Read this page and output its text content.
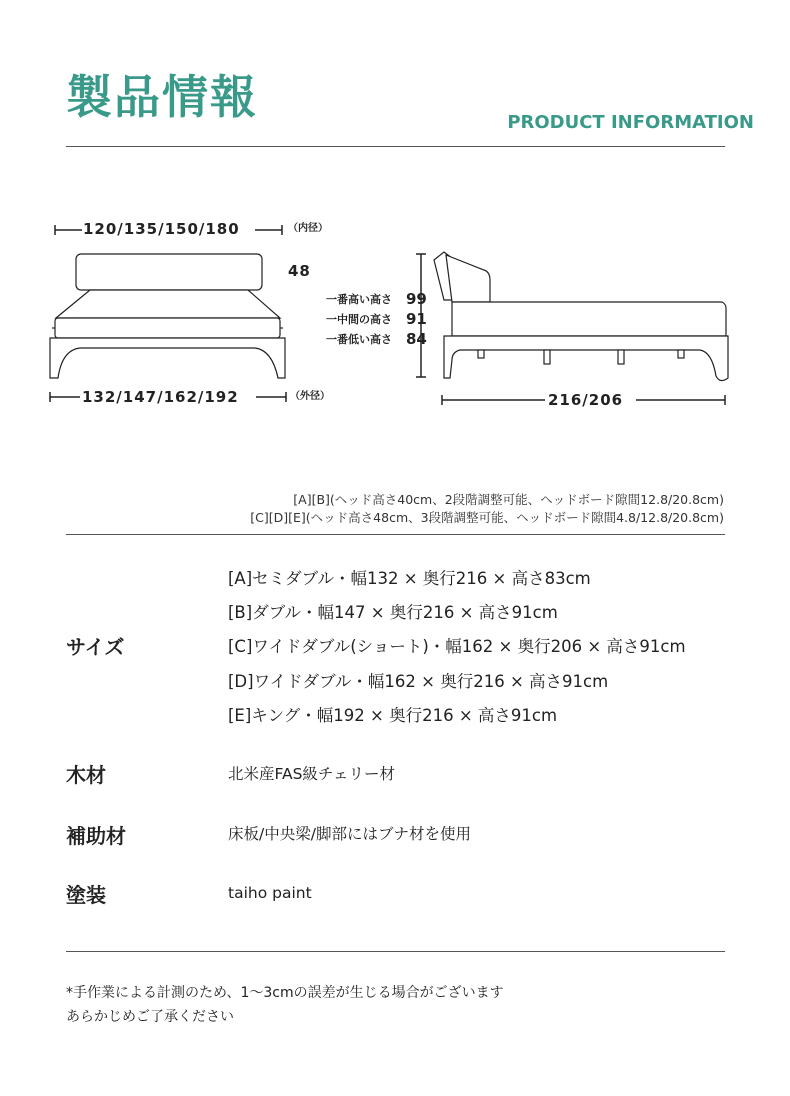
製品情報	PRODUCT INFORMATION
120/135/150/180	（内径）
48
132/147/162/192	（外径）	216/206
一番高い高さ 99
一中間の高さ 91
一番低い高さ 84
[A][B](ヘッド高さ40cm、2段階調整可能、ヘッドボード隙間12.8/20.8cm)
[C][D][E](ヘッド高さ48cm、3段階調整可能、ヘッドボード隙間4.8/12.8/20.8cm)
サイズ
[A]セミダブル・幅132 × 奥行216 × 高さ83cm
[B]ダブル・幅147 × 奥行216 × 高さ91cm
[C]ワイドダブル(ショート)・幅162 × 奥行206 × 高さ91cm
[D]ワイドダブル・幅162 × 奥行216 × 高さ91cm
[E]キング・幅192 × 奥行216 × 高さ91cm
木材	北米産FAS級チェリー材
補助材	床板/中央梁/脚部にはブナ材を使用
塗装	taiho paint
*手作業による計測のため、1〜3cmの誤差が生じる場合がございます
あらかじめご了承ください
